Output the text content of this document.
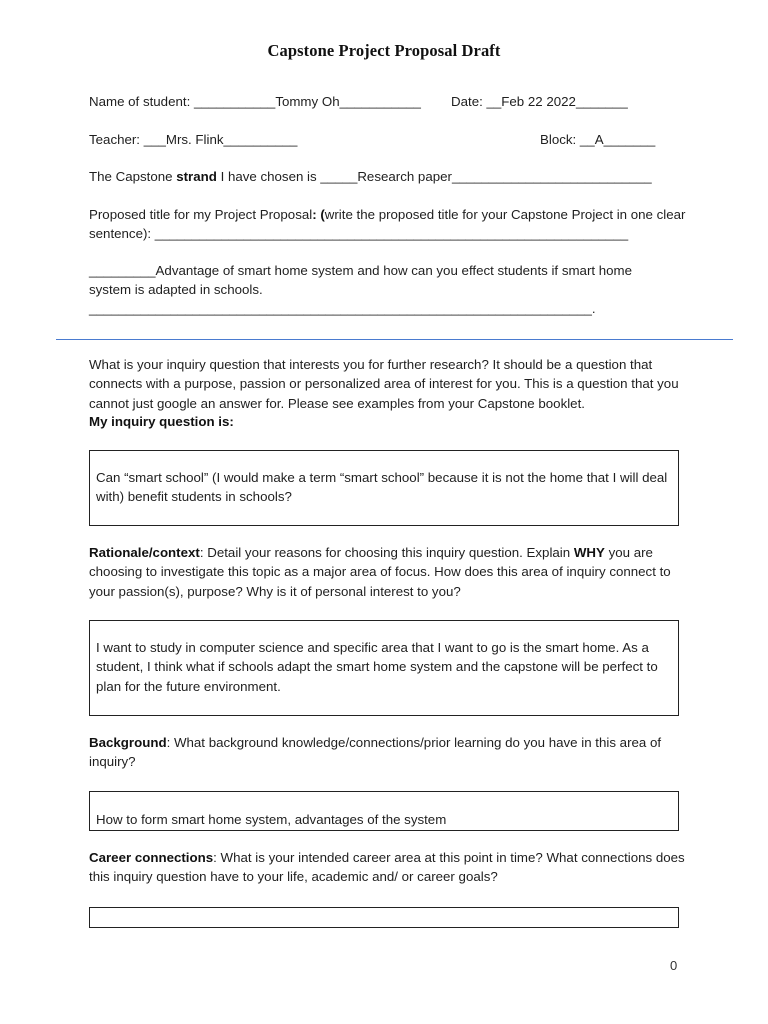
Capstone Project Proposal Draft
Name of student: ___________Tommy Oh___________	Date: __Feb 22 2022_______
Teacher: ___Mrs. Flink__________	Block: __A_______
The Capstone strand I have chosen is _____Research paper___________________________
Proposed title for my Project Proposal: (write the proposed title for your Capstone Project in one clear sentence): ________________________________________________________________
_________Advantage of smart home system and how can you effect students if smart home
system is adapted in schools.
____________________________________________________________________.
What is your inquiry question that interests you for further research? It should be a question that connects with a purpose, passion or personalized area of interest for you. This is a question that you cannot just google an answer for. Please see examples from your Capstone booklet.
My inquiry question is:
Can “smart school” (I would make a term “smart school” because it is not the home that I will deal with) benefit students in schools?
Rationale/context: Detail your reasons for choosing this inquiry question. Explain WHY you are choosing to investigate this topic as a major area of focus. How does this area of inquiry connect to your passion(s), purpose? Why is it of personal interest to you?
I want to study in computer science and specific area that I want to go is the smart home. As a student, I think what if schools adapt the smart home system and the capstone will be perfect to plan for the future environment.
Background: What background knowledge/connections/prior learning do you have in this area of inquiry?
How to form smart home system, advantages of the system
Career connections: What is your intended career area at this point in time? What connections does this inquiry question have to your life, academic and/ or career goals?
0
